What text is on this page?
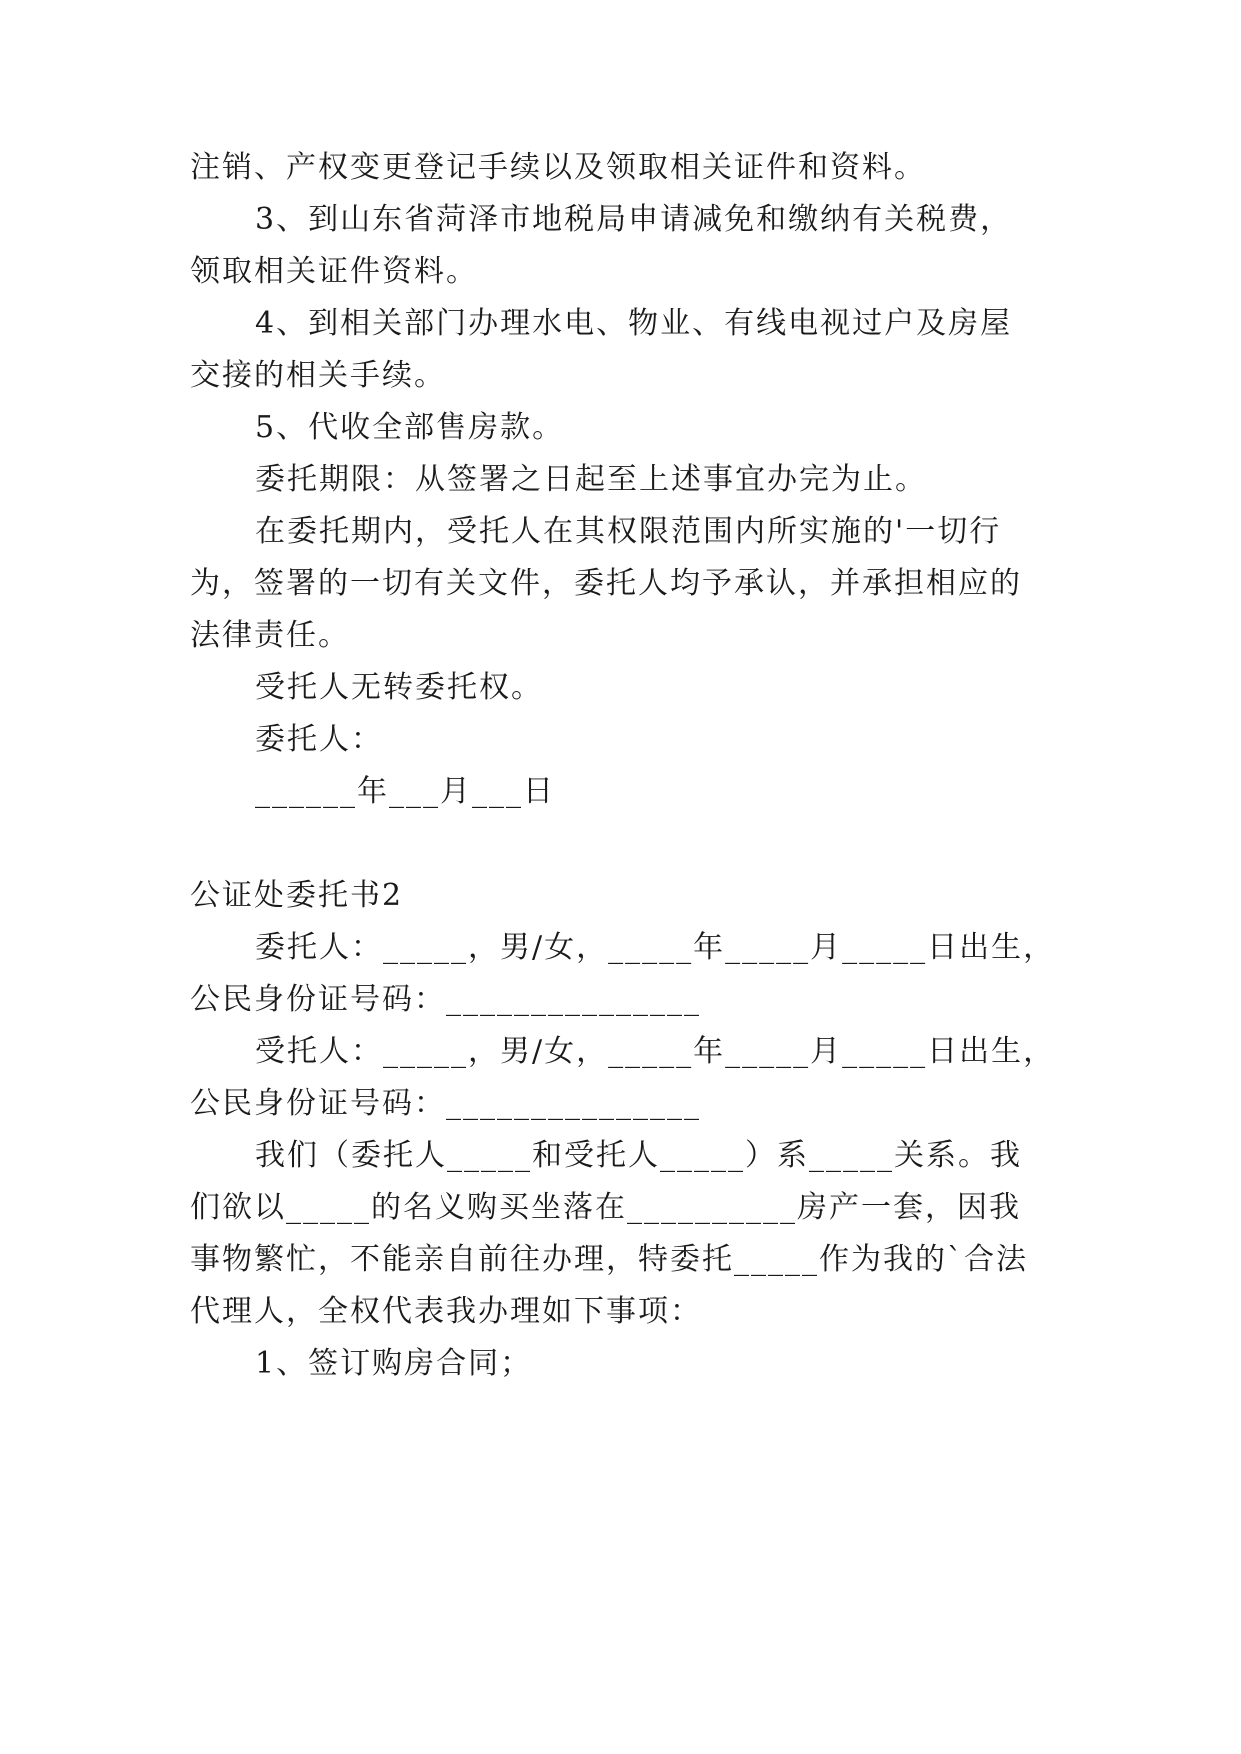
注销、产权变更登记手续以及领取相关证件和资料。
3、到山东省菏泽市地税局申请减免和缴纳有关税费，
领取相关证件资料。
4、到相关部门办理水电、物业、有线电视过户及房屋
交接的相关手续。
5、代收全部售房款。
委托期限：从签署之日起至上述事宜办完为止。
在委托期内，受托人在其权限范围内所实施的'一切行
为，签署的一切有关文件，委托人均予承认，并承担相应的
法律责任。
受托人无转委托权。
委托人：
______年___月___日
公证处委托书2
委托人：_____，男/女，_____年_____月_____日出生，
公民身份证号码：_______________
受托人：_____，男/女，_____年_____月_____日出生，
公民身份证号码：_______________
我们（委托人_____和受托人_____）系_____关系。我
们欲以_____的名义购买坐落在__________房产一套，因我
事物繁忙，不能亲自前往办理，特委托_____作为我的`合法
代理人，全权代表我办理如下事项：
1、签订购房合同；
